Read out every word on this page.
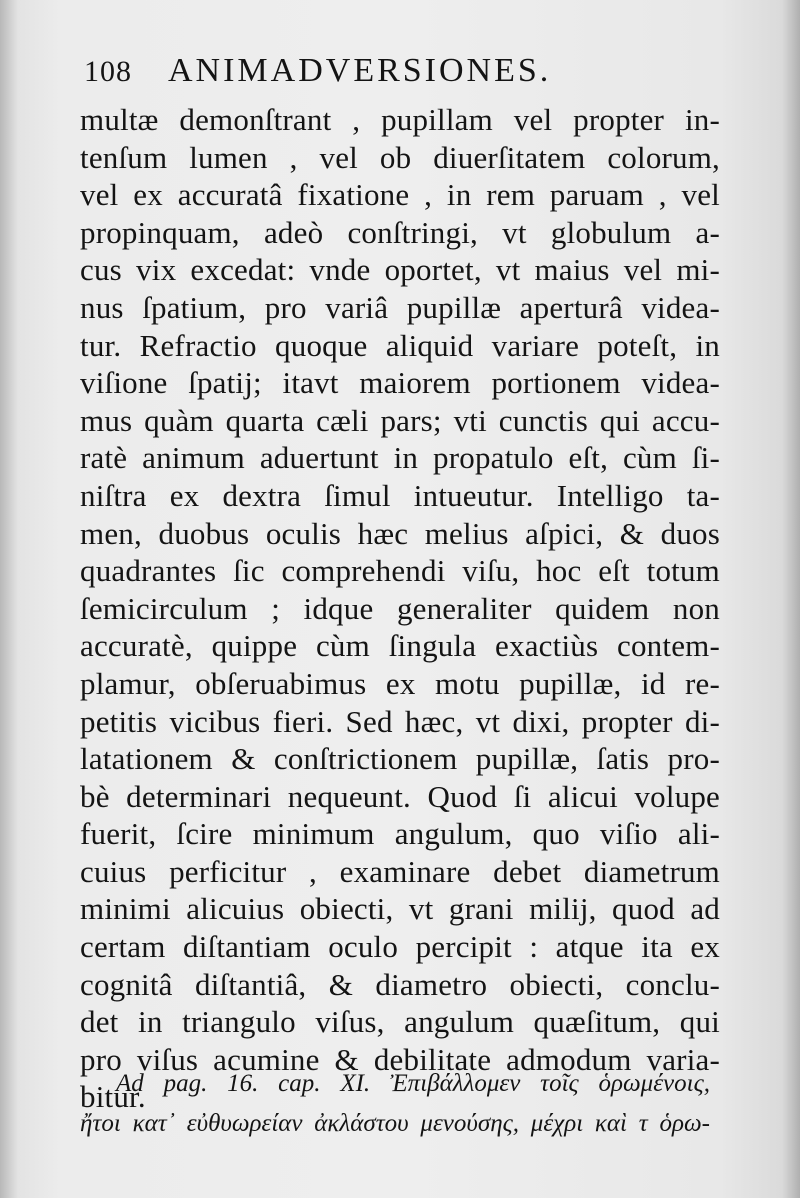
108 ANIMADVERSIONES.
multæ demonſtrant , pupillam vel propter in-
tenſum lumen , vel ob diuerſitatem colorum,
vel ex accuratâ fixatione , in rem paruam , vel
propinquam, adeò conſtringi, vt globulum a-
cus vix excedat: vnde oportet, vt maius vel mi-
nus ſpatium, pro variâ pupillæ aperturâ videa-
tur. Refractio quoque aliquid variare poteſt, in
viſione ſpatij; itavt maiorem portionem videa-
mus quàm quarta cæli pars; vti cunctis qui accu-
ratè animum aduertunt in propatulo eſt, cùm ſi-
niſtra ex dextra ſimul intueutur. Intelligo ta-
men, duobus oculis hæc melius aſpici, & duos
quadrantes ſic comprehendi viſu, hoc eſt totum
ſemicirculum ; idque generaliter quidem non
accuratè, quippe cùm ſingula exactiùs contem-
plamur, obſeruabimus ex motu pupillæ, id re-
petitis vicibus fieri. Sed hæc, vt dixi, propter di-
latationem & conſtrictionem pupillæ, ſatis pro-
bè determinari nequeunt. Quod ſi alicui volupe
fuerit, ſcire minimum angulum, quo viſio ali-
cuius perficitur , examinare debet diametrum
minimi alicuius obiecti, vt grani milij, quod ad
certam diſtantiam oculo percipit : atque ita ex
cognitâ diſtantiâ, & diametro obiecti, conclu-
det in triangulo viſus, angulum quæſitum, qui
pro viſus acumine & debilitate admodum varia-
bitur.
Ad pag. 16. cap. XI. Ἐπιβάλλομεν τοῖς ὁρωμένοις,
ἤτοι κατ᾽ εὐθυωρείαν ἀκλάστου μενούσης, μέχρι καὶ τ ὁρω-
